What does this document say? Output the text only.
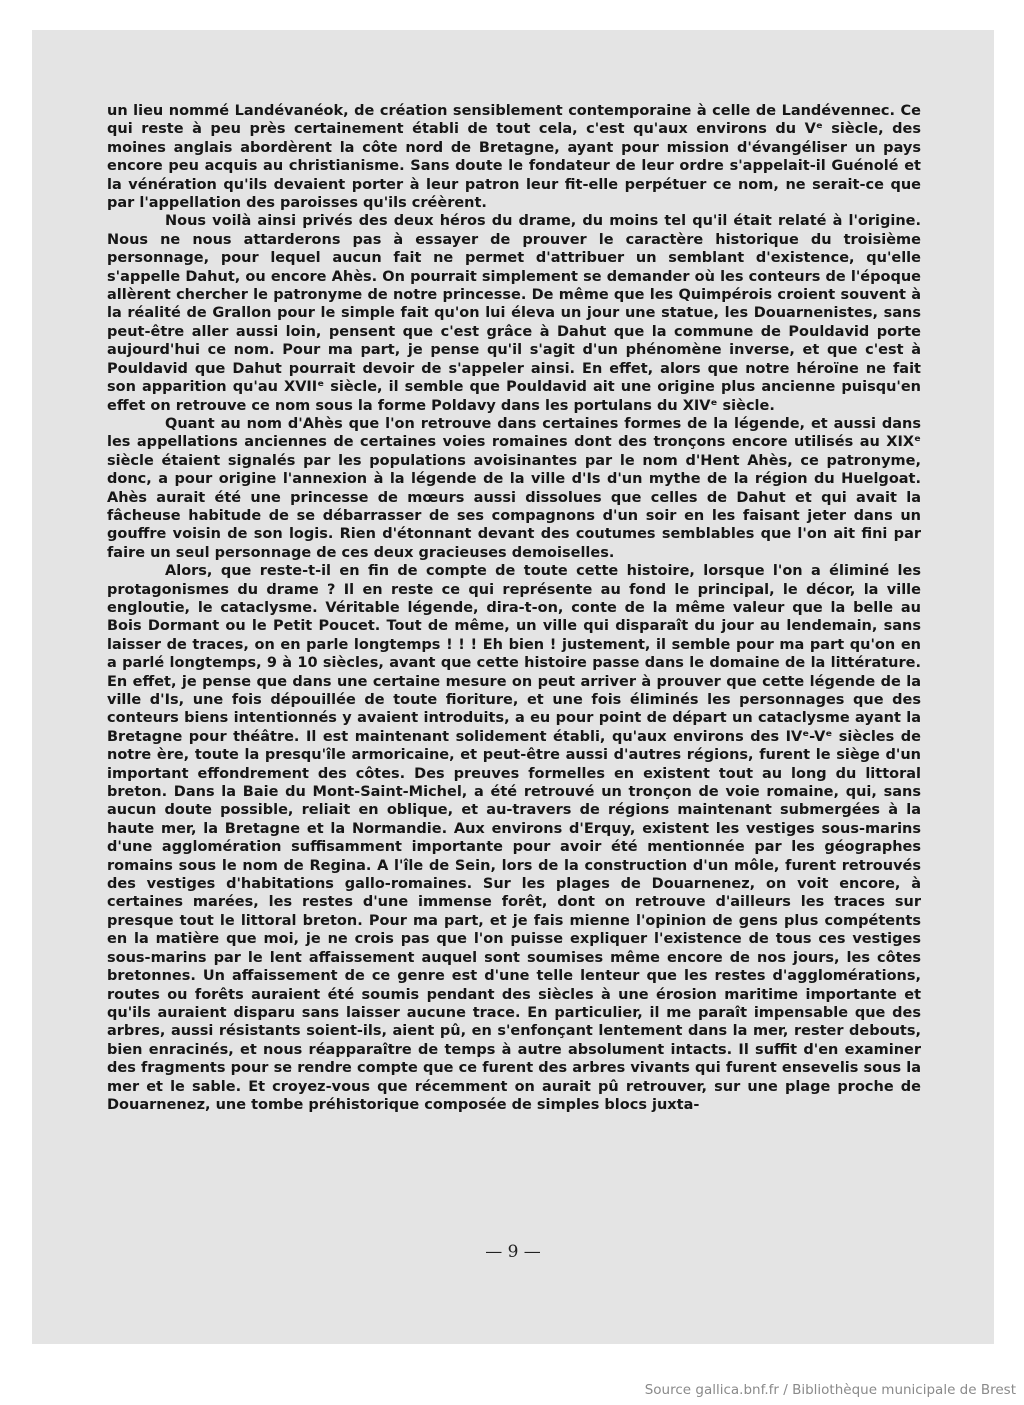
un lieu nommé Landévanéok, de création sensiblement contemporaine à celle de Landévennec. Ce qui reste à peu près certainement établi de tout cela, c'est qu'aux environs du Vᵉ siècle, des moines anglais abordèrent la côte nord de Bretagne, ayant pour mission d'évangéliser un pays encore peu acquis au christianisme. Sans doute le fondateur de leur ordre s'appelait-il Guénolé et la vénération qu'ils devaient porter à leur patron leur fit-elle perpétuer ce nom, ne serait-ce que par l'appellation des paroisses qu'ils créèrent.

Nous voilà ainsi privés des deux héros du drame, du moins tel qu'il était relaté à l'origine. Nous ne nous attarderons pas à essayer de prouver le caractère historique du troisième personnage, pour lequel aucun fait ne permet d'attribuer un semblant d'existence, qu'elle s'appelle Dahut, ou encore Ahès. On pourrait simplement se demander où les conteurs de l'époque allèrent chercher le patronyme de notre princesse. De même que les Quimpérois croient souvent à la réalité de Grallon pour le simple fait qu'on lui éleva un jour une statue, les Douarnenistes, sans peut-être aller aussi loin, pensent que c'est grâce à Dahut que la commune de Pouldavid porte aujourd'hui ce nom. Pour ma part, je pense qu'il s'agit d'un phénomène inverse, et que c'est à Pouldavid que Dahut pourrait devoir de s'appeler ainsi. En effet, alors que notre héroïne ne fait son apparition qu'au XVIIᵉ siècle, il semble que Pouldavid ait une origine plus ancienne puisqu'en effet on retrouve ce nom sous la forme Poldavy dans les portulans du XIVᵉ siècle.

Quant au nom d'Ahès que l'on retrouve dans certaines formes de la légende, et aussi dans les appellations anciennes de certaines voies romaines dont des tronçons encore utilisés au XIXᵉ siècle étaient signalés par les populations avoisinantes par le nom d'Hent Ahès, ce patronyme, donc, a pour origine l'annexion à la légende de la ville d'Is d'un mythe de la région du Huelgoat. Ahès aurait été une princesse de mœurs aussi dissolues que celles de Dahut et qui avait la fâcheuse habitude de se débarrasser de ses compagnons d'un soir en les faisant jeter dans un gouffre voisin de son logis. Rien d'étonnant devant des coutumes semblables que l'on ait fini par faire un seul personnage de ces deux gracieuses demoiselles.

Alors, que reste-t-il en fin de compte de toute cette histoire, lorsque l'on a éliminé les protagonismes du drame ? Il en reste ce qui représente au fond le principal, le décor, la ville engloutie, le cataclysme. Véritable légende, dira-t-on, conte de la même valeur que la belle au Bois Dormant ou le Petit Poucet. Tout de même, un ville qui disparaît du jour au lendemain, sans laisser de traces, on en parle longtemps ! ! ! Eh bien ! justement, il semble pour ma part qu'on en a parlé longtemps, 9 à 10 siècles, avant que cette histoire passe dans le domaine de la littérature. En effet, je pense que dans une certaine mesure on peut arriver à prouver que cette légende de la ville d'Is, une fois dépouillée de toute fioriture, et une fois éliminés les personnages que des conteurs biens intentionnés y avaient introduits, a eu pour point de départ un cataclysme ayant la Bretagne pour théâtre. Il est maintenant solidement établi, qu'aux environs des IVᵉ-Vᵉ siècles de notre ère, toute la presqu'île armoricaine, et peut-être aussi d'autres régions, furent le siège d'un important effondrement des côtes. Des preuves formelles en existent tout au long du littoral breton. Dans la Baie du Mont-Saint-Michel, a été retrouvé un tronçon de voie romaine, qui, sans aucun doute possible, reliait en oblique, et au-travers de régions maintenant submergées à la haute mer, la Bretagne et la Normandie. Aux environs d'Erquy, existent les vestiges sous-marins d'une agglomération suffisamment importante pour avoir été mentionnée par les géographes romains sous le nom de Regina. A l'île de Sein, lors de la construction d'un môle, furent retrouvés des vestiges d'habitations gallo-romaines. Sur les plages de Douarnenez, on voit encore, à certaines marées, les restes d'une immense forêt, dont on retrouve d'ailleurs les traces sur presque tout le littoral breton. Pour ma part, et je fais mienne l'opinion de gens plus compétents en la matière que moi, je ne crois pas que l'on puisse expliquer l'existence de tous ces vestiges sous-marins par le lent affaissement auquel sont soumises même encore de nos jours, les côtes bretonnes. Un affaissement de ce genre est d'une telle lenteur que les restes d'agglomérations, routes ou forêts auraient été soumis pendant des siècles à une érosion maritime importante et qu'ils auraient disparu sans laisser aucune trace. En particulier, il me paraît impensable que des arbres, aussi résistants soient-ils, aient pû, en s'enfonçant lentement dans la mer, rester debouts, bien enracinés, et nous réapparaître de temps à autre absolument intacts. Il suffit d'en examiner des fragments pour se rendre compte que ce furent des arbres vivants qui furent ensevelis sous la mer et le sable. Et croyez-vous que récemment on aurait pû retrouver, sur une plage proche de Douarnenez, une tombe préhistorique composée de simples blocs juxta-

— 9 —
Source gallica.bnf.fr / Bibliothèque municipale de Brest
